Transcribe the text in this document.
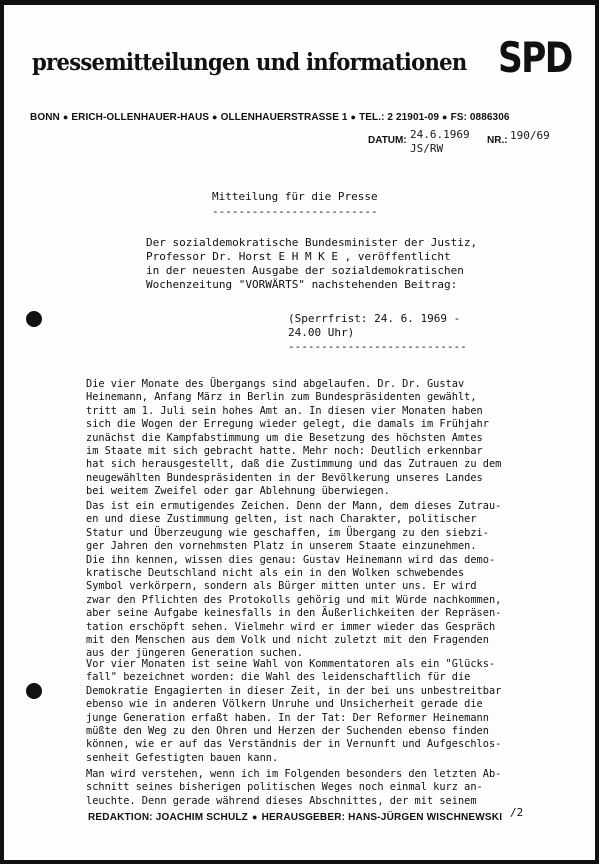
pressemitteilungen und informationen SPD
BONN ● ERICH-OLLENHAUER-HAUS ● OLLENHAUERSTRASSE 1 ● TEL.: 2 21901-09 ● FS: 0886306
DATUM: 24.6.1969
JS/RW
NR.: 190/69
Mitteilung für die Presse
-------------------------
Der sozialdemokratische Bundesminister der Justiz,
Professor Dr. Horst E H M K E , veröffentlicht
in der neuesten Ausgabe der sozialdemokratischen
Wochenzeitung "VORWÄRTS" nachstehenden Beitrag:
(Sperrfrist: 24. 6. 1969 -
24.00 Uhr)
---------------------------
Die vier Monate des Übergangs sind abgelaufen. Dr. Dr. Gustav
Heinemann, Anfang März in Berlin zum Bundespräsidenten gewählt,
tritt am 1. Juli sein hohes Amt an. In diesen vier Monaten haben
sich die Wogen der Erregung wieder gelegt, die damals im Frühjahr
zunächst die Kampfabstimmung um die Besetzung des höchsten Amtes
im Staate mit sich gebracht hatte. Mehr noch: Deutlich erkennbar
hat sich herausgestellt, daß die Zustimmung und das Zutrauen zu dem
neugewählten Bundespräsidenten in der Bevölkerung unseres Landes
bei weitem Zweifel oder gar Ablehnung überwiegen.
Das ist ein ermutigendes Zeichen. Denn der Mann, dem dieses Zutrau-
en und diese Zustimmung gelten, ist nach Charakter, politischer
Statur und Überzeugung wie geschaffen, im Übergang zu den siebzi-
ger Jahren den vornehmsten Platz in unserem Staate einzunehmen.
Die ihn kennen, wissen dies genau: Gustav Heinemann wird das demo-
kratische Deutschland nicht als ein in den Wolken schwebendes
Symbol verkörpern, sondern als Bürger mitten unter uns. Er wird
zwar den Pflichten des Protokolls gehörig und mit Würde nachkommen,
aber seine Aufgabe keinesfalls in den Äußerlichkeiten der Repräsen-
tation erschöpft sehen. Vielmehr wird er immer wieder das Gespräch
mit den Menschen aus dem Volk und nicht zuletzt mit den Fragenden
aus der jüngeren Generation suchen.
Vor vier Monaten ist seine Wahl von Kommentatoren als ein "Glücks-
fall" bezeichnet worden: die Wahl des leidenschaftlich für die
Demokratie Engagierten in dieser Zeit, in der bei uns unbestreitbar
ebenso wie in anderen Völkern Unruhe und Unsicherheit gerade die
junge Generation erfaßt haben. In der Tat: Der Reformer Heinemann
müßte den Weg zu den Ohren und Herzen der Suchenden ebenso finden
können, wie er auf das Verständnis der in Vernunft und Aufgeschlos-
senheit Gefestigten bauen kann.
Man wird verstehen, wenn ich im Folgenden besonders den letzten Ab-
schnitt seines bisherigen politischen Weges noch einmal kurz an-
leuchte. Denn gerade während dieses Abschnittes, der mit seinem
/2
REDAKTION: JOACHIM SCHULZ ● HERAUSGEBER: HANS-JÜRGEN WISCHNEWSKI
